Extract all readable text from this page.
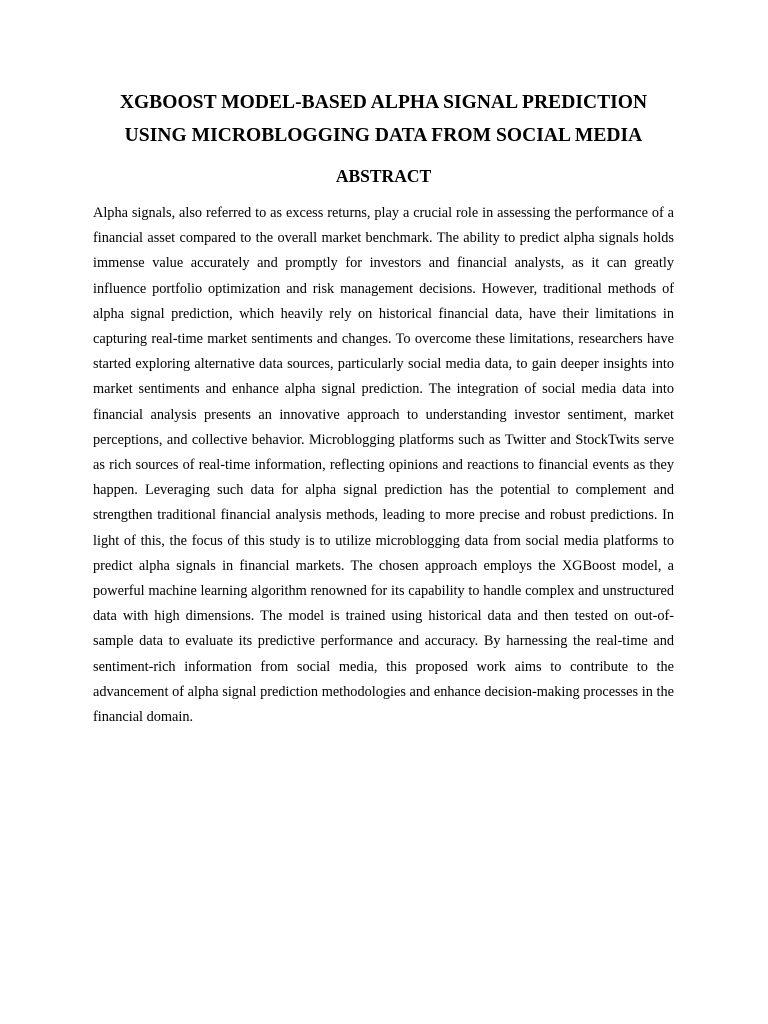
XGBOOST MODEL-BASED ALPHA SIGNAL PREDICTION
USING MICROBLOGGING DATA FROM SOCIAL MEDIA
ABSTRACT

Alpha signals, also referred to as excess returns, play a crucial role in assessing the performance of a financial asset compared to the overall market benchmark. The ability to predict alpha signals holds immense value accurately and promptly for investors and financial analysts, as it can greatly influence portfolio optimization and risk management decisions. However, traditional methods of alpha signal prediction, which heavily rely on historical financial data, have their limitations in capturing real-time market sentiments and changes. To overcome these limitations, researchers have started exploring alternative data sources, particularly social media data, to gain deeper insights into market sentiments and enhance alpha signal prediction. The integration of social media data into financial analysis presents an innovative approach to understanding investor sentiment, market perceptions, and collective behavior. Microblogging platforms such as Twitter and StockTwits serve as rich sources of real-time information, reflecting opinions and reactions to financial events as they happen. Leveraging such data for alpha signal prediction has the potential to complement and strengthen traditional financial analysis methods, leading to more precise and robust predictions. In light of this, the focus of this study is to utilize microblogging data from social media platforms to predict alpha signals in financial markets. The chosen approach employs the XGBoost model, a powerful machine learning algorithm renowned for its capability to handle complex and unstructured data with high dimensions. The model is trained using historical data and then tested on out-of-sample data to evaluate its predictive performance and accuracy. By harnessing the real-time and sentiment-rich information from social media, this proposed work aims to contribute to the advancement of alpha signal prediction methodologies and enhance decision-making processes in the financial domain.
